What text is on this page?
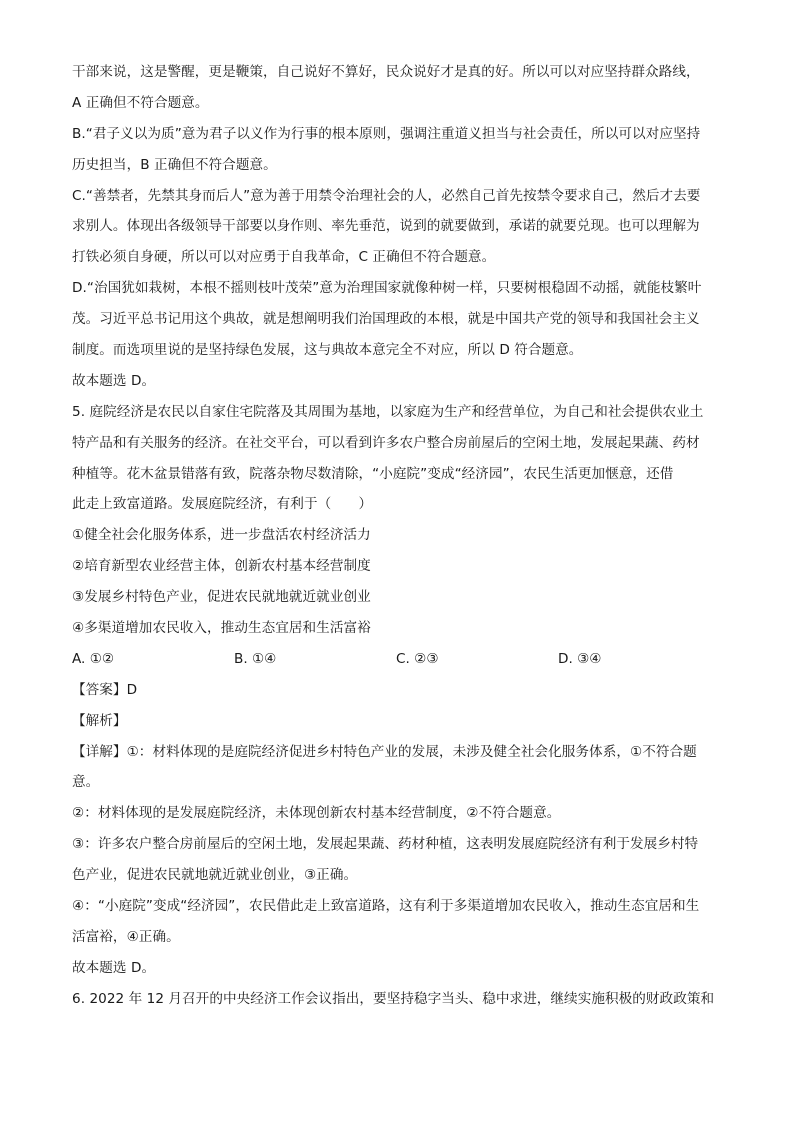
干部来说，这是警醒，更是鞭策，自己说好不算好，民众说好才是真的好。所以可以对应坚持群众路线，
A 正确但不符合题意。
B.“君子义以为质”意为君子以义作为行事的根本原则，强调注重道义担当与社会责任，所以可以对应坚持
历史担当，B 正确但不符合题意。
C.“善禁者，先禁其身而后人”意为善于用禁令治理社会的人，必然自己首先按禁令要求自己，然后才去要
求别人。体现出各级领导干部要以身作则、率先垂范，说到的就要做到，承诺的就要兑现。也可以理解为
打铁必须自身硬，所以可以对应勇于自我革命，C 正确但不符合题意。
D.“治国犹如栽树，本根不摇则枝叶茂荣”意为治理国家就像种树一样，只要树根稳固不动摇，就能枝繁叶
茂。习近平总书记用这个典故，就是想阐明我们治国理政的本根，就是中国共产党的领导和我国社会主义
制度。而选项里说的是坚持绿色发展，这与典故本意完全不对应，所以 D 符合题意。
故本题选 D。
5. 庭院经济是农民以自家住宅院落及其周围为基地，以家庭为生产和经营单位，为自己和社会提供农业土
特产品和有关服务的经济。在社交平台，可以看到许多农户整合房前屋后的空闲土地，发展起果蔬、药材
种植等。花木盆景错落有致，院落杂物尽数清除，“小庭院”变成“经济园”，农民生活更加惬意，还借
此走上致富道路。发展庭院经济，有利于（　　）
①健全社会化服务体系，进一步盘活农村经济活力
②培育新型农业经营主体，创新农村基本经营制度
③发展乡村特色产业，促进农民就地就近就业创业
④多渠道增加农民收入，推动生态宜居和生活富裕
A. ①②	B. ①④	C. ②③	D. ③④
【答案】D
【解析】
【详解】①：材料体现的是庭院经济促进乡村特色产业的发展，未涉及健全社会化服务体系，①不符合题
意。
②：材料体现的是发展庭院经济，未体现创新农村基本经营制度，②不符合题意。
③：许多农户整合房前屋后的空闲土地，发展起果蔬、药材种植，这表明发展庭院经济有利于发展乡村特
色产业，促进农民就地就近就业创业，③正确。
④：“小庭院”变成“经济园”，农民借此走上致富道路，这有利于多渠道增加农民收入，推动生态宜居和生
活富裕，④正确。
故本题选 D。
6. 2022 年 12 月召开的中央经济工作会议指出，要坚持稳字当头、稳中求进，继续实施积极的财政政策和
